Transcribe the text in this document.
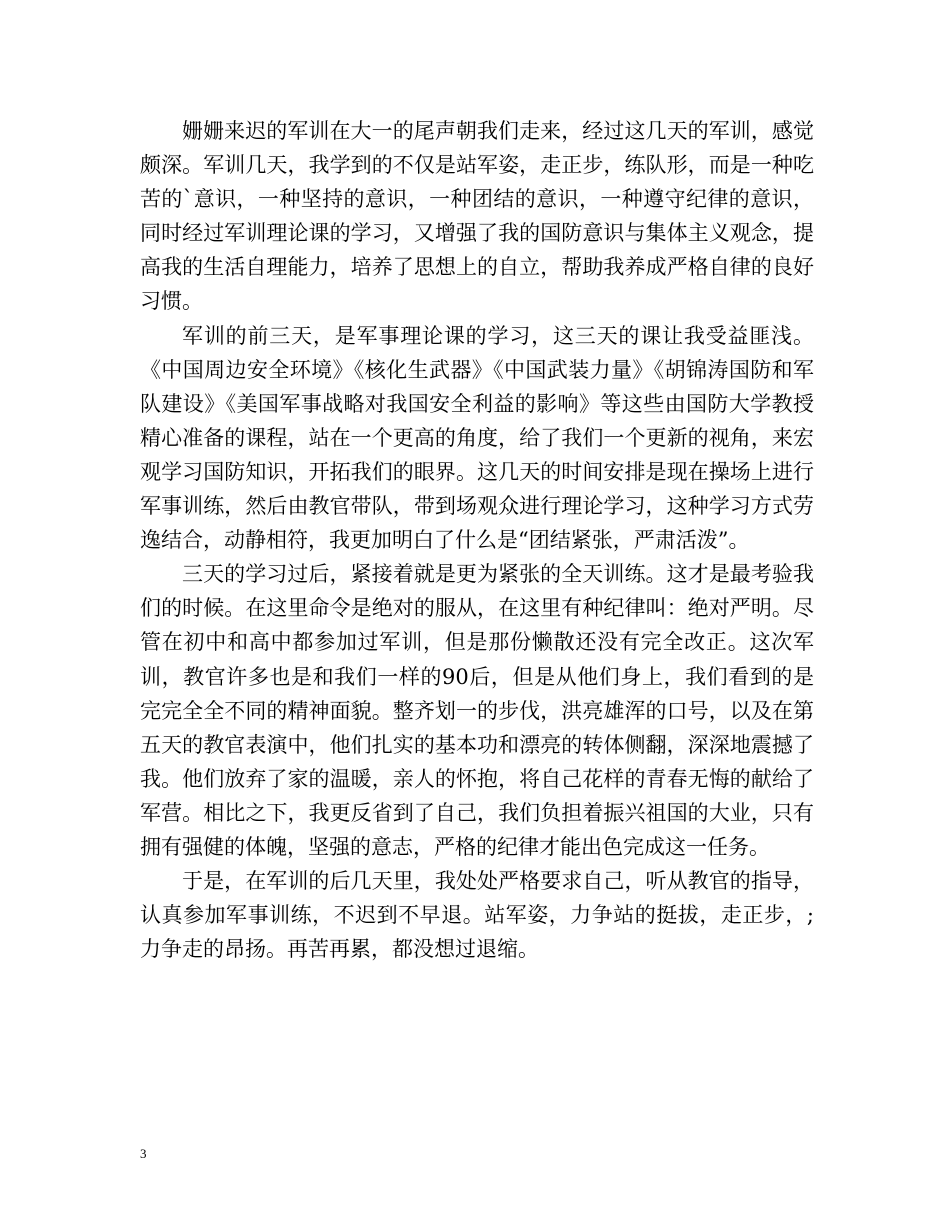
姗姗来迟的军训在大一的尾声朝我们走来，经过这几天的军训，感觉颇深。军训几天，我学到的不仅是站军姿，走正步，练队形，而是一种吃苦的`意识，一种坚持的意识，一种团结的意识，一种遵守纪律的意识，同时经过军训理论课的学习，又增强了我的国防意识与集体主义观念，提高我的生活自理能力，培养了思想上的自立，帮助我养成严格自律的良好习惯。

军训的前三天，是军事理论课的学习，这三天的课让我受益匪浅。《中国周边安全环境》《核化生武器》《中国武装力量》《胡锦涛国防和军队建设》《美国军事战略对我国安全利益的影响》等这些由国防大学教授精心准备的课程，站在一个更高的角度，给了我们一个更新的视角，来宏观学习国防知识，开拓我们的眼界。这几天的时间安排是现在操场上进行军事训练，然后由教官带队，带到场观众进行理论学习，这种学习方式劳逸结合，动静相符，我更加明白了什么是“团结紧张，严肃活泼”。

三天的学习过后，紧接着就是更为紧张的全天训练。这才是最考验我们的时候。在这里命令是绝对的服从，在这里有种纪律叫：绝对严明。尽管在初中和高中都参加过军训，但是那份懒散还没有完全改正。这次军训，教官许多也是和我们一样的90后，但是从他们身上，我们看到的是完完全全不同的精神面貌。整齐划一的步伐，洪亮雄浑的口号，以及在第五天的教官表演中，他们扎实的基本功和漂亮的转体侧翻，深深地震撼了我。他们放弃了家的温暖，亲人的怀抱，将自己花样的青春无悔的献给了军营。相比之下，我更反省到了自己，我们负担着振兴祖国的大业，只有拥有强健的体魄，坚强的意志，严格的纪律才能出色完成这一任务。

于是，在军训的后几天里，我处处严格要求自己，听从教官的指导，认真参加军事训练，不迟到不早退。站军姿，力争站的挺拔，走正步，;力争走的昂扬。再苦再累，都没想过退缩。

3
